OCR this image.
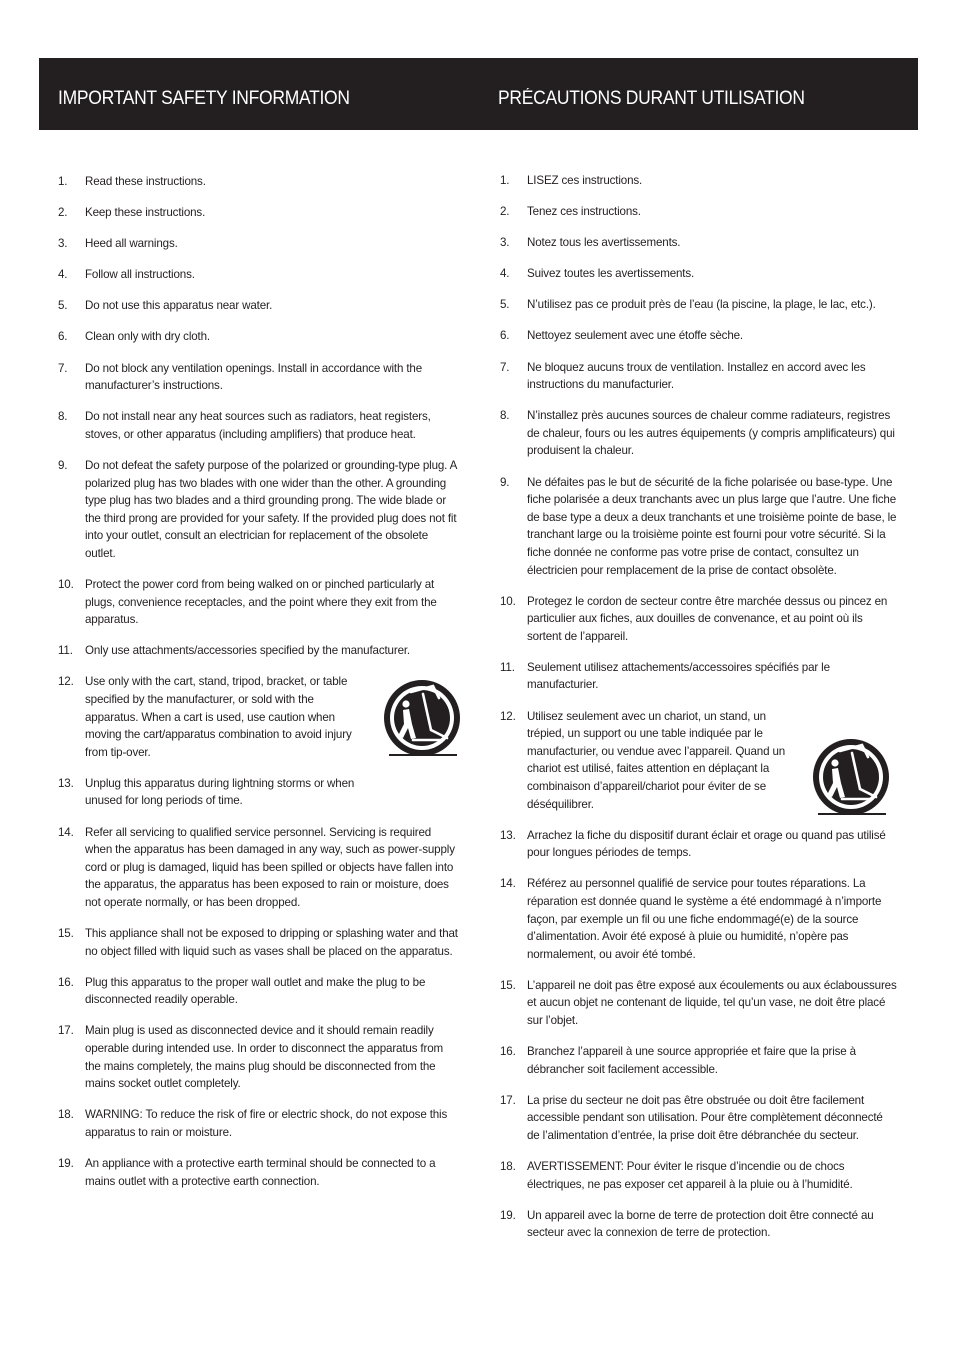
IMPORTANT SAFETY INFORMATION	PRÉCAUTIONS DURANT UTILISATION
1.	Read these instructions.
2.	Keep these instructions.
3.	Heed all warnings.
4.	Follow all instructions.
5.	Do not use this apparatus near water.
6.	Clean only with dry cloth.
7.	Do not block any ventilation openings. Install in accordance with the manufacturer’s instructions.
8.	Do not install near any heat sources such as radiators, heat registers, stoves, or other apparatus (including amplifiers) that produce heat.
9.	Do not defeat the safety purpose of the polarized or grounding-type plug. A polarized plug has two blades with one wider than the other. A grounding type plug has two blades and a third grounding prong. The wide blade or the third prong are provided for your safety. If the provided plug does not fit into your outlet, consult an electrician for replacement of the obsolete outlet.
10. Protect the power cord from being walked on or pinched particularly at plugs, convenience receptacles, and the point where they exit from the apparatus.
11.	Only use attachments/accessories specified by the manufacturer.
12. Use only with the cart, stand, tripod, bracket, or table specified by the manufacturer, or sold with the apparatus. When a cart is used, use caution when moving the cart/apparatus combination to avoid injury from tip-over.
13. Unplug this apparatus during lightning storms or when unused for long periods of time.
14. Refer all servicing to qualified service personnel. Servicing is required when the apparatus has been damaged in any way, such as power-supply cord or plug is damaged, liquid has been spilled or objects have fallen into the apparatus, the apparatus has been exposed to rain or moisture, does not operate normally, or has been dropped.
15. This appliance shall not be exposed to dripping or splashing water and that no object filled with liquid such as vases shall be placed on the apparatus.
16. Plug this apparatus to the proper wall outlet and make the plug to be disconnected readily operable.
17. Main plug is used as disconnected device and it should remain readily operable during intended use. In order to disconnect the apparatus from the mains completely, the mains plug should be disconnected from the mains socket outlet completely.
18. WARNING: To reduce the risk of fire or electric shock, do not expose this apparatus to rain or moisture.
19. An appliance with a protective earth terminal should be connected to a mains outlet with a protective earth connection.
1.	LISEZ ces instructions.
2.	Tenez ces instructions.
3.	Notez tous les avertissements.
4.	Suivez toutes les avertissements.
5.	N’utilisez pas ce produit près de l’eau (la piscine, la plage, le lac, etc.).
6.	Nettoyez seulement avec une étoffe sèche.
7.	Ne bloquez aucuns troux de ventilation. Installez en accord avec les instructions du manufacturier.
8.	N’installez près aucunes sources de chaleur comme radiateurs, registres de chaleur, fours ou les autres équipements (y compris amplificateurs) qui produisent la chaleur.
9.	Ne défaites pas le but de sécurité de la fiche polarisée ou base-type. Une fiche polarisée a deux tranchants avec un plus large que l’autre. Une fiche de base type a deux a deux tranchants et une troisième pointe de base, le tranchant large ou la troisième pointe est fourni pour votre sécurité. Si la fiche donnée ne conforme pas votre prise de contact, consultez un électricien pour remplacement de la prise de contact obsolète.
10. Protegez le cordon de secteur contre être marchée dessus ou pincez en particulier aux fiches, aux douilles de convenance, et au point où ils sortent de l’appareil.
11.	Seulement utilisez attachements/accessoires spécifiés par le manufacturier.
12. Utilisez seulement avec un chariot, un stand, un trépied, un support ou une table indiquée par le manufacturier, ou vendue avec l’appareil. Quand un chariot est utilisé, faites attention en déplaçant la combinaison d’appareil/chariot pour éviter de se déséquilibrer.
13. Arrachez la fiche du dispositif durant éclair et orage ou quand pas utilisé pour longues périodes de temps.
14. Référez au personnel qualifié de service pour toutes réparations. La réparation est donnée quand le système a été endommagé à n’importe façon, par exemple un fil ou une fiche endommagé(e) de la source d’alimentation. Avoir été exposé à pluie ou humidité, n’opère pas normalement, ou avoir été tombé.
15. L’appareil ne doit pas être exposé aux écoulements ou aux éclaboussures et aucun objet ne contenant de liquide, tel qu’un vase, ne doit être placé sur l’objet.
16. Branchez l’appareil à une source appropriée et faire que la prise à débrancher soit facilement accessible.
17. La prise du secteur ne doit pas être obstruée ou doit être facilement accessible pendant son utilisation. Pour être complètement déconnecté de l’alimentation d’entrée, la prise doit être débranchée du secteur.
18. AVERTISSEMENT: Pour éviter le risque d’incendie ou de chocs électriques, ne pas exposer cet appareil à la pluie ou à l’humidité.
19. Un appareil avec la borne de terre de protection doit être connecté au secteur avec la connexion de terre de protection.
